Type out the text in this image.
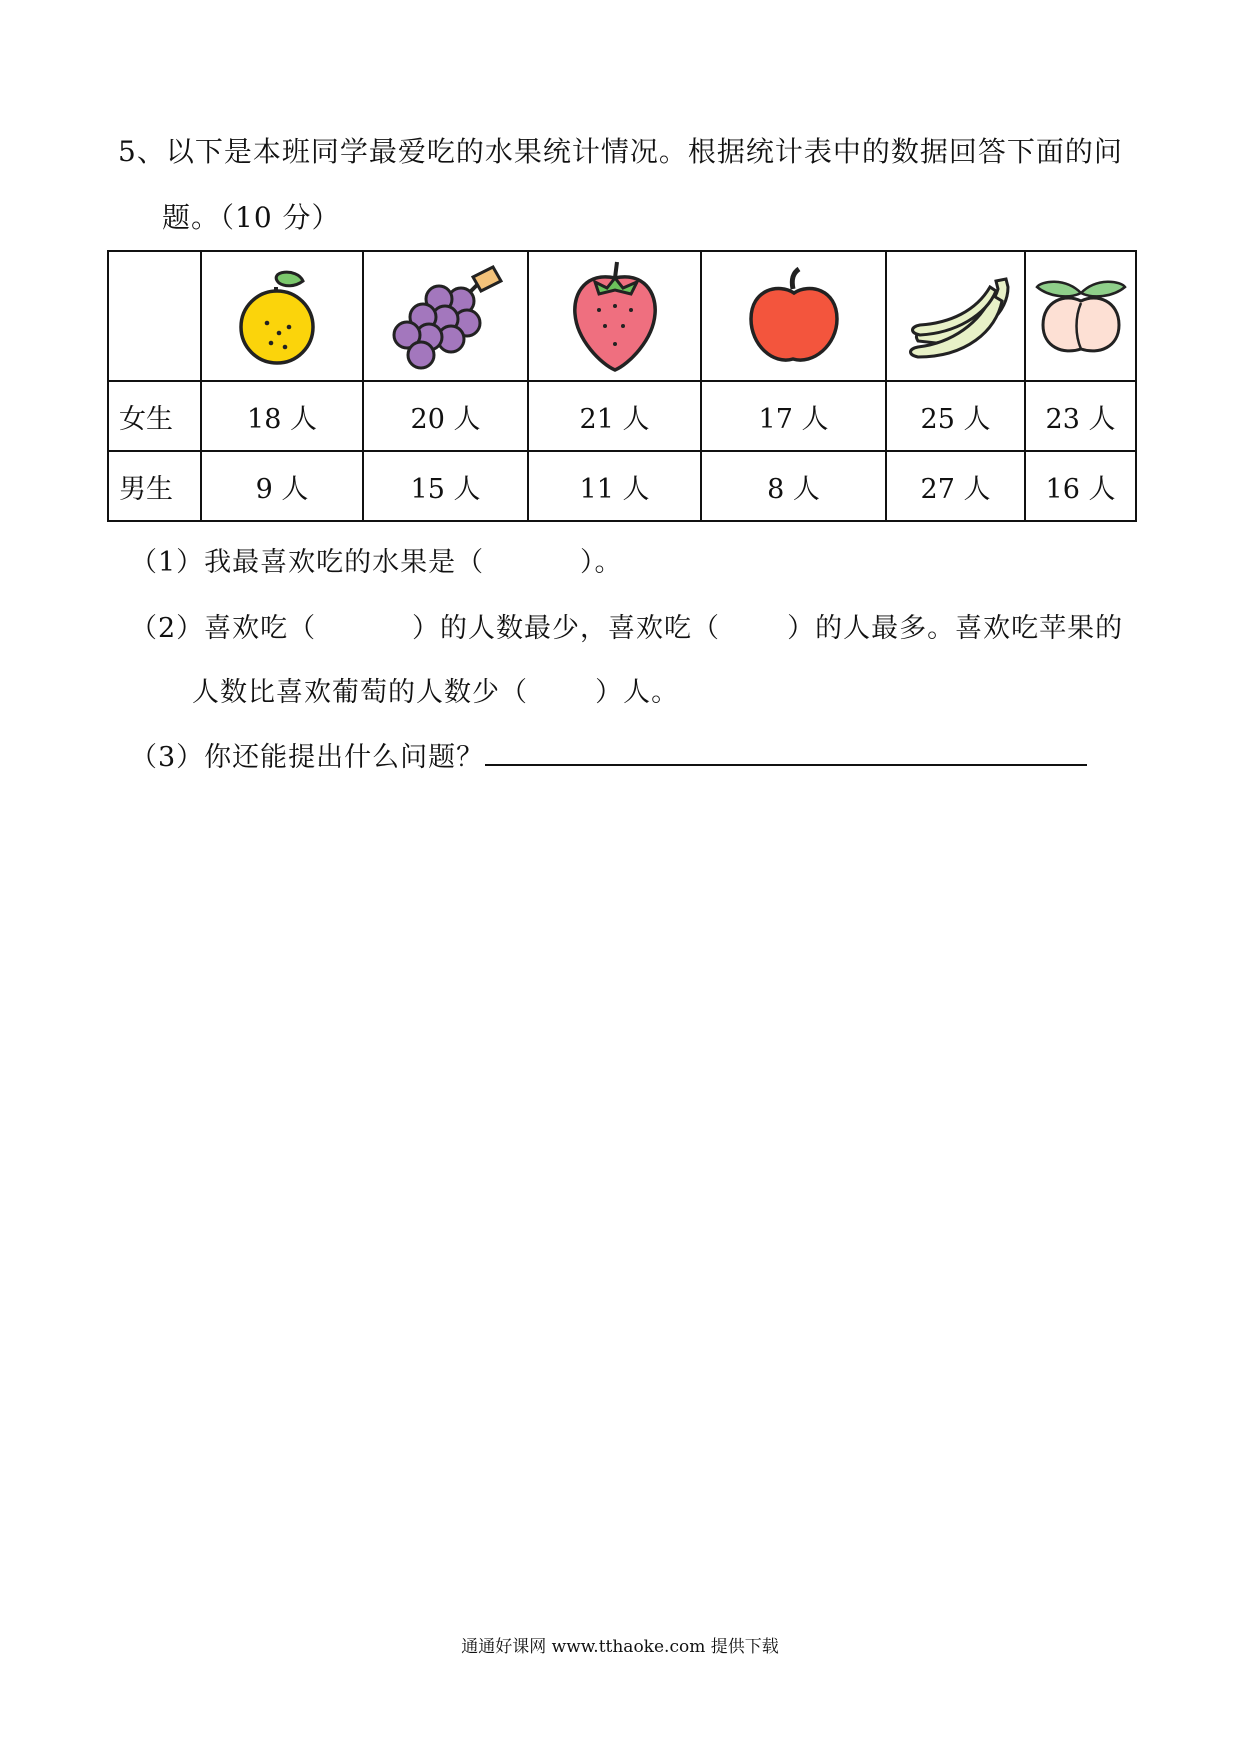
5、以下是本班同学最爱吃的水果统计情况。根据统计表中的数据回答下面的问
题。（10 分）

女生	18 人	20 人	21 人	17 人	25 人	23 人
男生	9 人	15 人	11 人	8 人	27 人	16 人
（1）我最喜欢吃的水果是（          ）。
（2）喜欢吃（          ）的人数最少，喜欢吃（       ）的人最多。喜欢吃苹果的
人数比喜欢葡萄的人数少（       ）人。
（3）你还能提出什么问题？
通通好课网 www.tthaoke.com 提供下载
